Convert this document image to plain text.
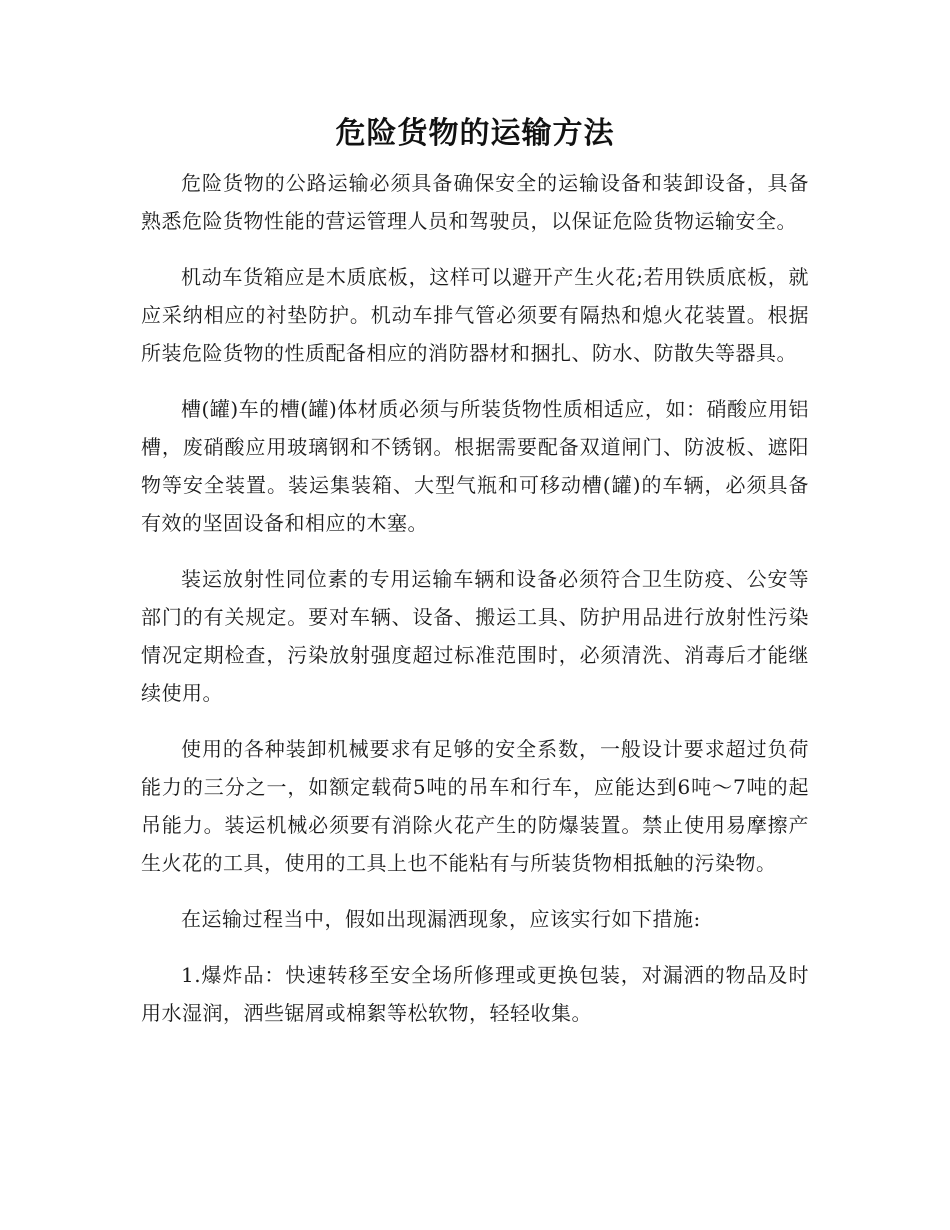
危险货物的运输方法

危险货物的公路运输必须具备确保安全的运输设备和装卸设备，具备熟悉危险货物性能的营运管理人员和驾驶员，以保证危险货物运输安全。

机动车货箱应是木质底板，这样可以避开产生火花;若用铁质底板，就应采纳相应的衬垫防护。机动车排气管必须要有隔热和熄火花装置。根据所装危险货物的性质配备相应的消防器材和捆扎、防水、防散失等器具。

槽(罐)车的槽(罐)体材质必须与所装货物性质相适应，如：硝酸应用铝槽，废硝酸应用玻璃钢和不锈钢。根据需要配备双道闸门、防波板、遮阳物等安全装置。装运集装箱、大型气瓶和可移动槽(罐)的车辆，必须具备有效的坚固设备和相应的木塞。

装运放射性同位素的专用运输车辆和设备必须符合卫生防疫、公安等部门的有关规定。要对车辆、设备、搬运工具、防护用品进行放射性污染情况定期检查，污染放射强度超过标准范围时，必须清洗、消毒后才能继续使用。

使用的各种装卸机械要求有足够的安全系数，一般设计要求超过负荷能力的三分之一，如额定载荷5吨的吊车和行车，应能达到6吨～7吨的起吊能力。装运机械必须要有消除火花产生的防爆装置。禁止使用易摩擦产生火花的工具，使用的工具上也不能粘有与所装货物相抵触的污染物。

在运输过程当中，假如出现漏洒现象，应该实行如下措施:

1.爆炸品：快速转移至安全场所修理或更换包装，对漏洒的物品及时用水湿润，洒些锯屑或棉絮等松软物，轻轻收集。
